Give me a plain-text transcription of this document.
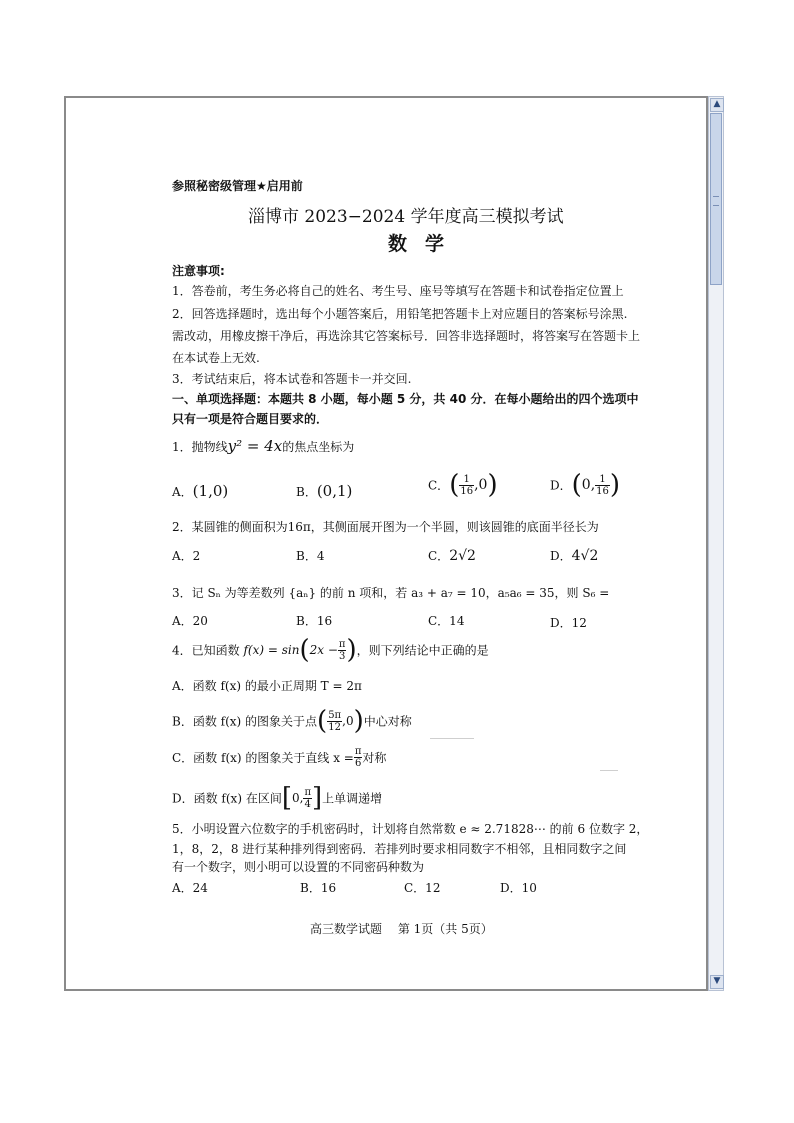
▲
▼
参照秘密级管理★启用前
淄博市 2023−2024 学年度高三模拟考试
数学
注意事项:
1．答卷前，考生务必将自己的姓名、考生号、座号等填写在答题卡和试卷指定位置上
2．回答选择题时，选出每个小题答案后，用铅笔把答题卡上对应题目的答案标号涂黑.
需改动，用橡皮擦干净后，再选涂其它答案标号．回答非选择题时，将答案写在答题卡上
在本试卷上无效.
3．考试结束后，将本试卷和答题卡一并交回.
一、单项选择题：本题共 8 小题，每小题 5 分，共 40 分．在每小题给出的四个选项中
只有一项是符合题目要求的．
1．抛物线y² = 4x的焦点坐标为
A．(1,0)	B．(0,1)	C．( $\frac{1}{16} ,0$)	D．(0, $\frac{1}{16}$ )
2．某圆锥的侧面积为16π，其侧面展开图为一个半圆，则该圆锥的底面半径长为
A．2	B．4	C．2√2	D．4√2
3．记 Sₙ 为等差数列 {aₙ} 的前 n 项和，若 a₃ + a₇ = 10，a₅a₆ = 35，则 S₆ =
A．20	B．16	C．14	D．12
4．已知函数 $f(x) = \sin(2x - \frac{\pi}{3}$ )，则下列结论中正确的是
A．函数 f(x) 的最小正周期 T = 2π
B．函数 f(x) 的图象关于点( $\frac{5\pi}{12} ,0$)中心对称
C．函数 f(x) 的图象关于直线 $x = \frac{\pi}{6}$ 对称
D．函数 f(x) 在区间[0, $\frac{\pi}{4}$ ]上单调递增
5．小明设置六位数字的手机密码时，计划将自然常数 e ≈ 2.71828⋯ 的前 6 位数字 2，
1，8，2，8 进行某种排列得到密码．若排列时要求相同数字不相邻，且相同数字之间
有一个数字，则小明可以设置的不同密码种数为
A．24	B．16	C．12	D．10
高三数学试题　 第 1页（共 5页）
